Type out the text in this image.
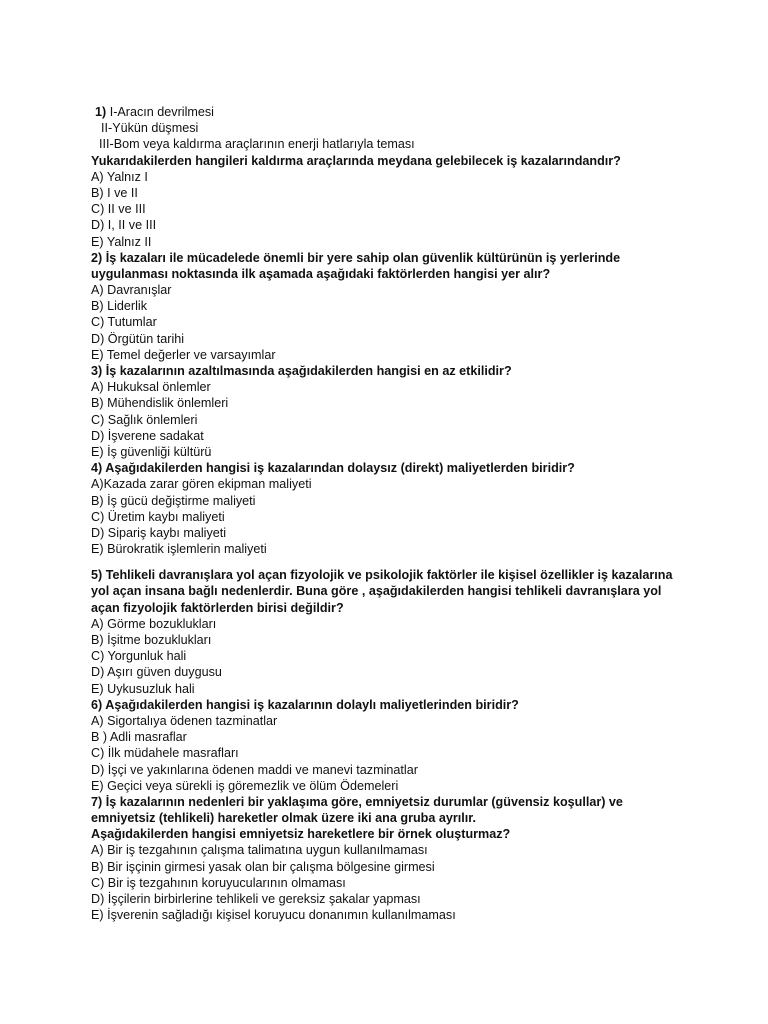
1) I-Aracın devrilmesi
II-Yükün düşmesi
III-Bom veya kaldırma araçlarının enerji hatlarıyla teması
Yukarıdakilerden hangileri kaldırma araçlarında meydana gelebilecek iş kazalarındandır?
A) Yalnız I
B) I ve II
C) II ve III
D) I, II ve III
E) Yalnız II
2) İş kazaları ile mücadelede önemli bir yere sahip olan güvenlik kültürünün iş yerlerinde
uygulanması noktasında ilk aşamada aşağıdaki faktörlerden hangisi yer alır?
A) Davranışlar
B) Liderlik
C) Tutumlar
D) Örgütün tarihi
E) Temel değerler ve varsayımlar
3) İş kazalarının azaltılmasında aşağıdakilerden hangisi en az etkilidir?
A) Hukuksal önlemler
B) Mühendislik önlemleri
C) Sağlık önlemleri
D) İşverene sadakat
E) İş güvenliği kültürü
4) Aşağıdakilerden hangisi iş kazalarından dolaysız (direkt) maliyetlerden biridir?
A)Kazada zarar gören ekipman maliyeti
B) İş gücü değiştirme maliyeti
C) Üretim kaybı maliyeti
D) Sipariş kaybı maliyeti
E) Bürokratik işlemlerin maliyeti
5) Tehlikeli davranışlara yol açan fizyolojik ve psikolojik faktörler ile kişisel özellikler iş kazalarına
yol açan insana bağlı nedenlerdir. Buna göre , aşağıdakilerden hangisi tehlikeli davranışlara yol
açan fizyolojik faktörlerden birisi değildir?
A) Görme bozuklukları
B) İşitme bozuklukları
C) Yorgunluk hali
D) Aşırı güven duygusu
E) Uykusuzluk hali
6) Aşağıdakilerden hangisi iş kazalarının dolaylı maliyetlerinden biridir?
A) Sigortalıya ödenen tazminatlar
B ) Adli masraflar
C) İlk müdahele masrafları
D) İşçi ve yakınlarına ödenen maddi ve manevi tazminatlar
E) Geçici veya sürekli iş göremezlik ve ölüm Ödemeleri
7) İş kazalarının nedenleri bir yaklaşıma göre, emniyetsiz durumlar (güvensiz koşullar) ve
emniyetsiz (tehlikeli) hareketler olmak üzere iki ana gruba ayrılır.
Aşağıdakilerden hangisi emniyetsiz hareketlere bir örnek oluşturmaz?
A) Bir iş tezgahının çalışma talimatına uygun kullanılmaması
B) Bir işçinin girmesi yasak olan bir çalışma bölgesine girmesi
C) Bir iş tezgahının koruyucularının olmaması
D) İşçilerin birbirlerine tehlikeli ve gereksiz şakalar yapması
E) İşverenin sağladığı kişisel koruyucu donanımın kullanılmaması
